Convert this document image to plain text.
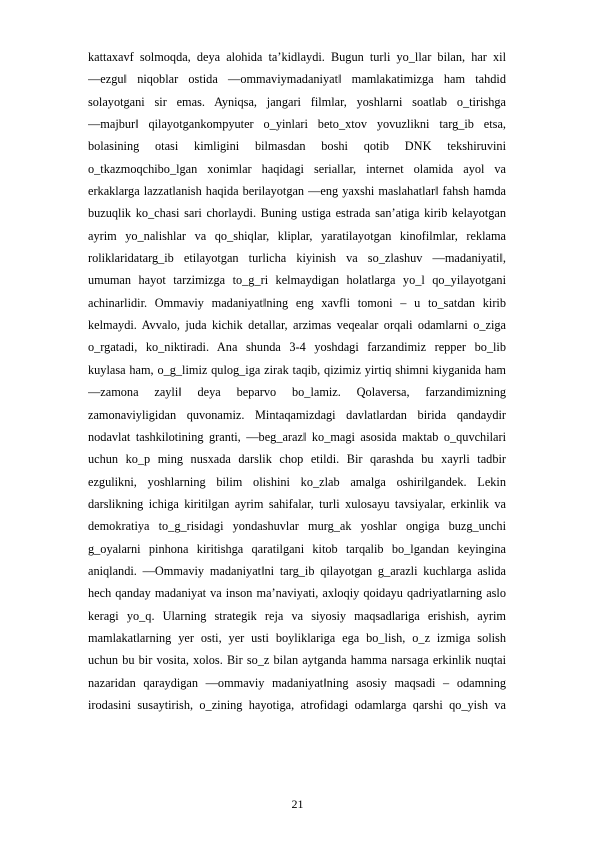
kattaxavf solmoqda, deya alohida ta’kidlaydi. Bugun turli yo_llar bilan, har xil
―ezgu‖ niqoblar ostida ―ommaviymadaniyat‖ mamlakatimizga ham tahdid
solayotgani sir emas. Ayniqsa, jangari filmlar, yoshlarni soatlab o_tirishga
―majbur‖ qilayotgankompyuter o_yinlari beto_xtov yovuzlikni targ_ib etsa,
bolasining otasi kimligini bilmasdan boshi qotib DNK tekshiruvini
o_tkazmoqchibo_lgan xonimlar haqidagi seriallar, internet olamida ayol va
erkaklarga lazzatlanish haqida berilayotgan ―eng yaxshi maslahatlar‖ fahsh hamda
buzuqlik ko_chasi sari chorlaydi. Buning ustiga estrada san’atiga kirib kelayotgan
ayrim yo_nalishlar va qo_shiqlar, kliplar, yaratilayotgan kinofilmlar, reklama
roliklaridatarg_ib etilayotgan turlicha kiyinish va so_zlashuv ―madaniyati‖,
umuman hayot tarzimizga to_g_ri kelmaydigan holatlarga yo_l qo_yilayotgani
achinarlidir. Ommaviy madaniyat‖ning eng xavfli tomoni – u to_satdan kirib
kelmaydi. Avvalo, juda kichik detallar, arzimas veqealar orqali odamlarni o_ziga
o_rgatadi, ko_niktiradi. Ana shunda 3-4 yoshdagi farzandimiz repper bo_lib
kuylasa ham, o_g_limiz qulog_iga zirak taqib, qizimiz yirtiq shimni kiyganida ham
―zamona zayli‖ deya beparvo bo_lamiz. Qolaversa, farzandimizning
zamonaviyligidan quvonamiz. Mintaqamizdagi davlatlardan birida qandaydir
nodavlat tashkilotining granti, ―beg_araz‖ ko_magi asosida maktab o_quvchilari
uchun ko_p ming nusxada darslik chop etildi. Bir qarashda bu xayrli tadbir
ezgulikni, yoshlarning bilim olishini ko_zlab amalga oshirilgandek. Lekin
darslikning ichiga kiritilgan ayrim sahifalar, turli xulosayu tavsiyalar, erkinlik va
demokratiya to_g_risidagi yondashuvlar murg_ak yoshlar ongiga buzg_unchi
g_oyalarni pinhona kiritishga qaratilgani kitob tarqalib bo_lgandan keyingina
aniqlandi. ―Ommaviy madaniyat‖ni targ_ib qilayotgan g_arazli kuchlarga aslida
hech qanday madaniyat va inson ma’naviyati, axloqiy qoidayu qadriyatlarning aslo
keragi yo_q. Ularning strategik reja va siyosiy maqsadlariga erishish, ayrim
mamlakatlarning yer osti, yer usti boyliklariga ega bo_lish, o_z izmiga solish
uchun bu bir vosita, xolos. Bir so_z bilan aytganda hamma narsaga erkinlik nuqtai
nazaridan qaraydigan ―ommaviy madaniyat‖ning asosiy maqsadi – odamning
irodasini susaytirish, o_zining hayotiga, atrofidagi odamlarga qarshi qo_yish va
21
